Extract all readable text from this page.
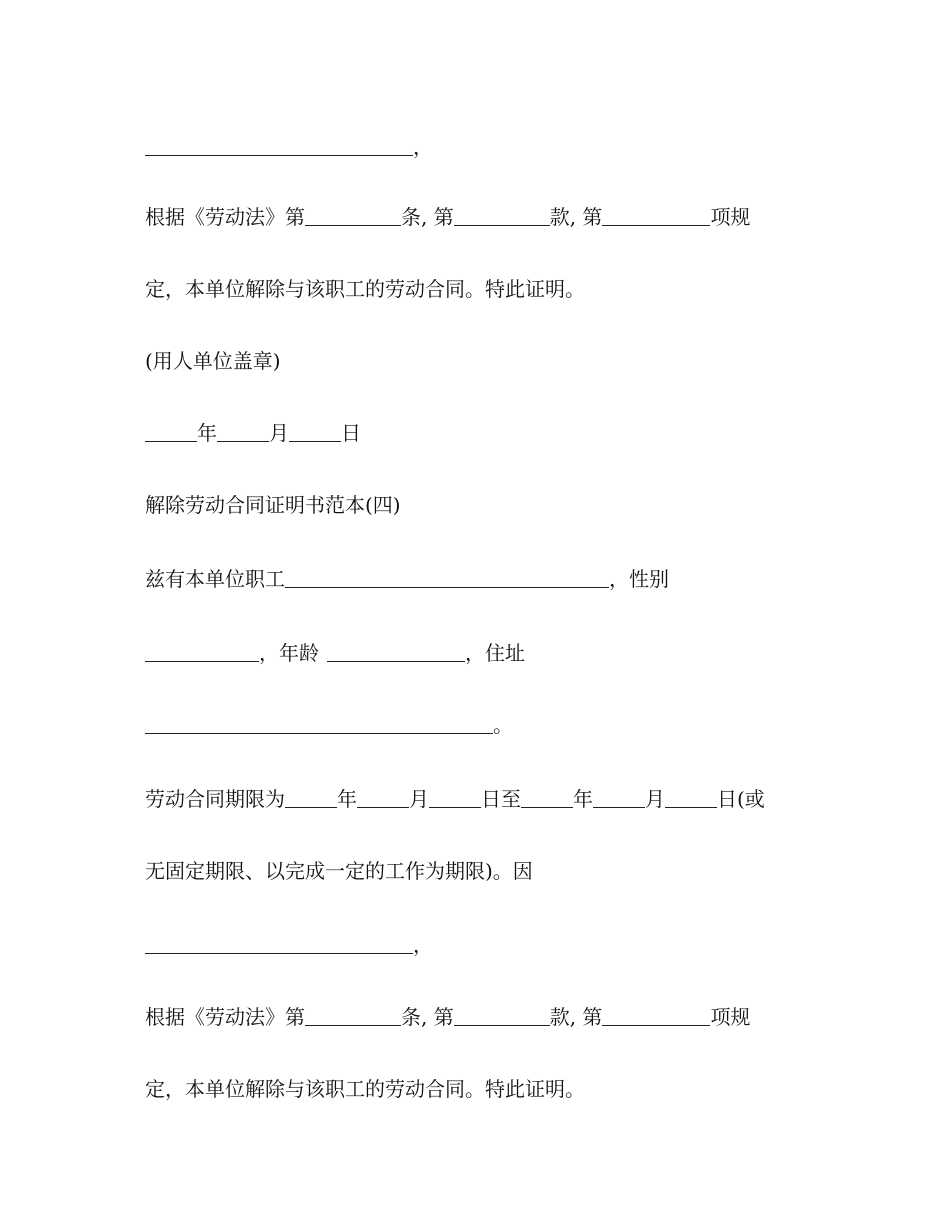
，
根据《劳动法》第	条, 第	款, 第	项规
定，本单位解除与该职工的劳动合同。特此证明。
(用人单位盖章)
年	月	日
解除劳动合同证明书范本(四)
兹有本单位职工	，性别
，年龄	，住址
。
劳动合同期限为	年	月	日至	年	月	日(或
无固定期限、以完成一定的工作为期限)。因
，
根据《劳动法》第	条, 第	款, 第	项规
定，本单位解除与该职工的劳动合同。特此证明。
